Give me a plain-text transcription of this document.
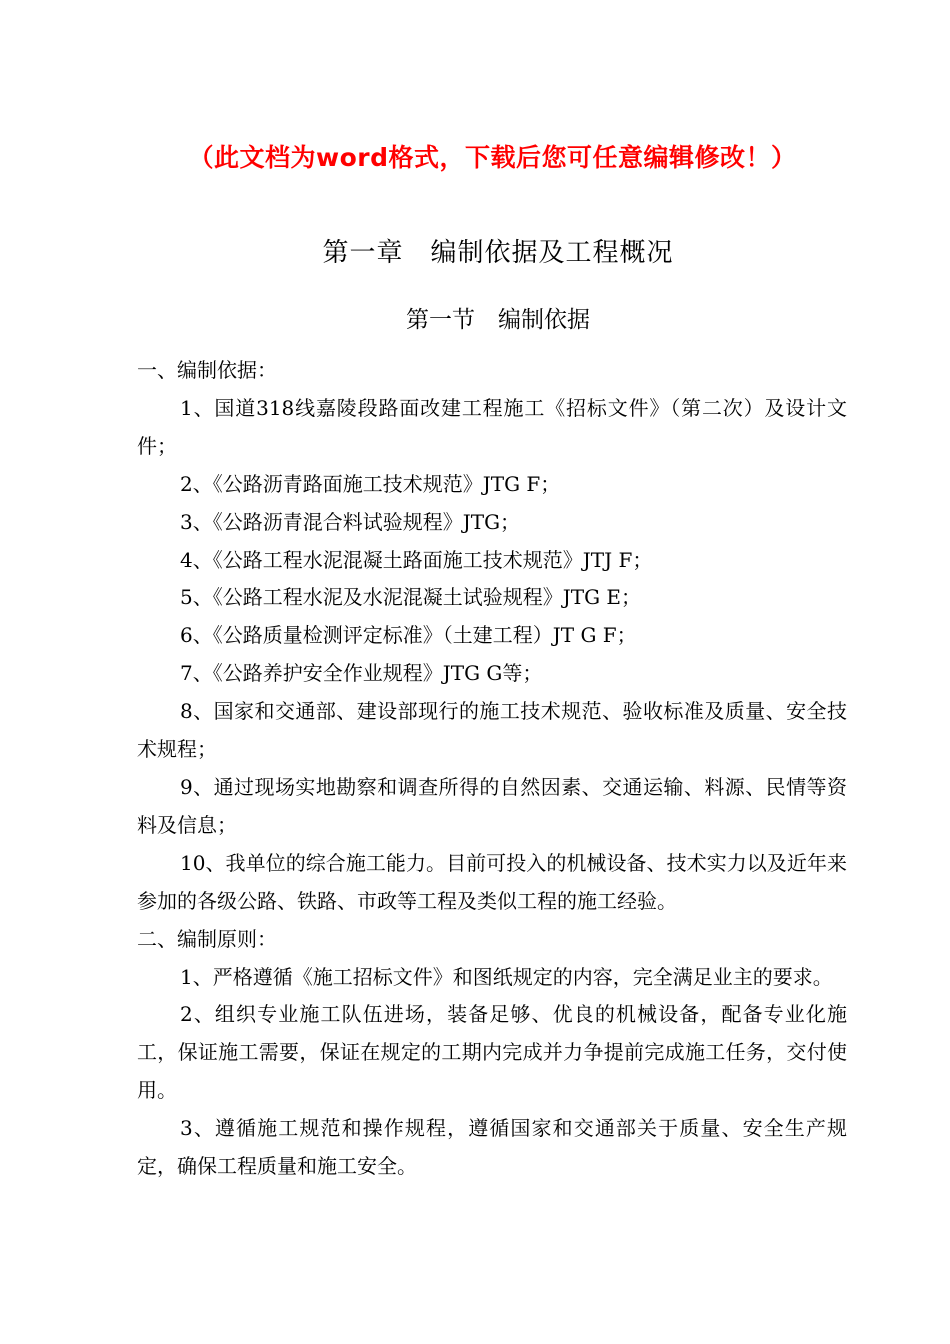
（此文档为word格式，下载后您可任意编辑修改！）
第一章　编制依据及工程概况
第一节　编制依据

一、编制依据：

1、国道318线嘉陵段路面改建工程施工《招标文件》（第二次）及设计文件；

2、《公路沥青路面施工技术规范》JTG F；

3、《公路沥青混合料试验规程》JTG；

4、《公路工程水泥混凝土路面施工技术规范》JTJ F；

5、《公路工程水泥及水泥混凝土试验规程》JTG E；

6、《公路质量检测评定标准》（土建工程）JT G F；

7、《公路养护安全作业规程》JTG G等；

8、国家和交通部、建设部现行的施工技术规范、验收标准及质量、安全技术规程；

9、通过现场实地勘察和调查所得的自然因素、交通运输、料源、民情等资料及信息；

10、我单位的综合施工能力。目前可投入的机械设备、技术实力以及近年来参加的各级公路、铁路、市政等工程及类似工程的施工经验。

二、编制原则：

1、严格遵循《施工招标文件》和图纸规定的内容，完全满足业主的要求。

2、组织专业施工队伍进场，装备足够、优良的机械设备，配备专业化施工，保证施工需要，保证在规定的工期内完成并力争提前完成施工任务，交付使用。

3、遵循施工规范和操作规程，遵循国家和交通部关于质量、安全生产规定，确保工程质量和施工安全。
